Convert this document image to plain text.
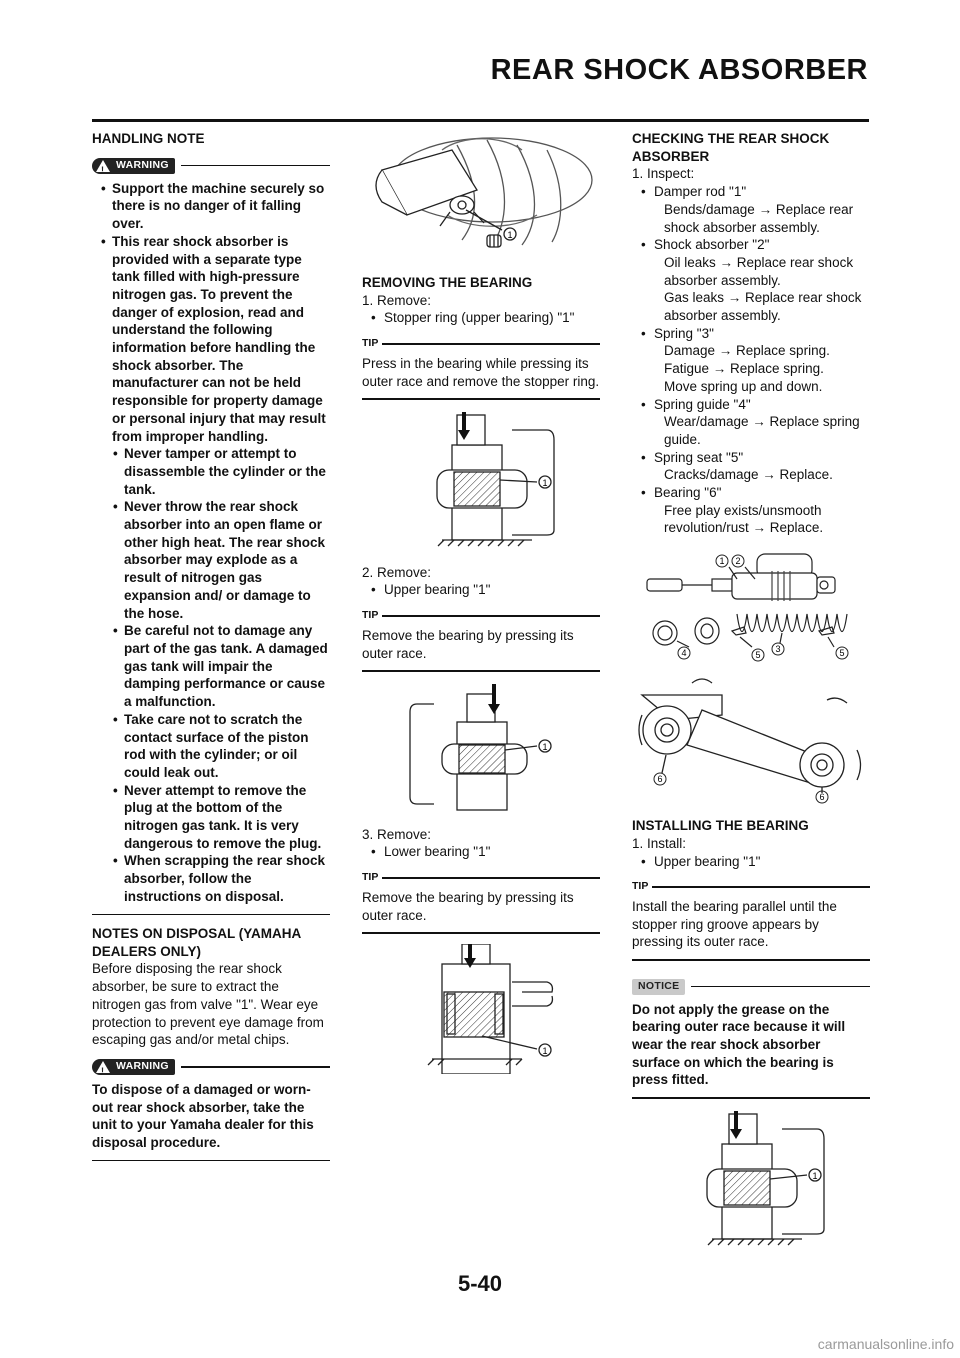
REAR SHOCK ABSORBER

HANDLING NOTE

! WARNING
• Support the machine securely so there is no danger of it falling over.
• This rear shock absorber is provided with a separate type tank filled with high-pressure nitrogen gas. To prevent the danger of explosion, read and understand the following information before handling the shock absorber. The manufacturer can not be held responsible for property damage or personal injury that may result from improper handling.
• Never tamper or attempt to disassemble the cylinder or the tank.
• Never throw the rear shock absorber into an open flame or other high heat. The rear shock absorber may explode as a result of nitrogen gas expansion and/ or damage to the hose.
• Be careful not to damage any part of the gas tank. A damaged gas tank will impair the damping performance or cause a malfunction.
• Take care not to scratch the contact surface of the piston rod with the cylinder; or oil could leak out.
• Never attempt to remove the plug at the bottom of the nitrogen gas tank. It is very dangerous to remove the plug.
• When scrapping the rear shock absorber, follow the instructions on disposal.

NOTES ON DISPOSAL (YAMAHA DEALERS ONLY)

Before disposing the rear shock absorber, be sure to extract the nitrogen gas from valve "1". Wear eye protection to prevent eye damage from escaping gas and/or metal chips.

! WARNING

To dispose of a damaged or worn-out rear shock absorber, take the unit to your Yamaha dealer for this disposal procedure.

1

REMOVING THE BEARING

1. Remove:

• Stopper ring (upper bearing) "1"
TIP

Press in the bearing while pressing its outer race and remove the stopper ring.

1

2. Remove:

• Upper bearing "1"
TIP

Remove the bearing by pressing its outer race.

1

3. Remove:

• Lower bearing "1"
TIP

Remove the bearing by pressing its outer race.

1

CHECKING THE REAR SHOCK ABSORBER

1. Inspect:

• Damper rod "1"
Bends/damage → Replace rear shock absorber assembly.
• Shock absorber "2"
Oil leaks → Replace rear shock absorber assembly.
Gas leaks → Replace rear shock absorber assembly.
• Spring "3"
Damage → Replace spring.
Fatigue → Replace spring.
Move spring up and down.
• Spring guide "4"
Wear/damage → Replace spring guide.
• Spring seat "5"
Cracks/damage → Replace.
• Bearing "6"
Free play exists/unsmooth revolution/rust → Replace.
1 2
3
4	5	5
6
6

INSTALLING THE BEARING

1. Install:

• Upper bearing "1"
TIP

Install the bearing parallel until the stopper ring groove appears by pressing its outer race.

NOTICE

Do not apply the grease on the bearing outer race because it will wear the rear shock absorber surface on which the bearing is press fitted.

1
5-40
carmanualsonline.info
